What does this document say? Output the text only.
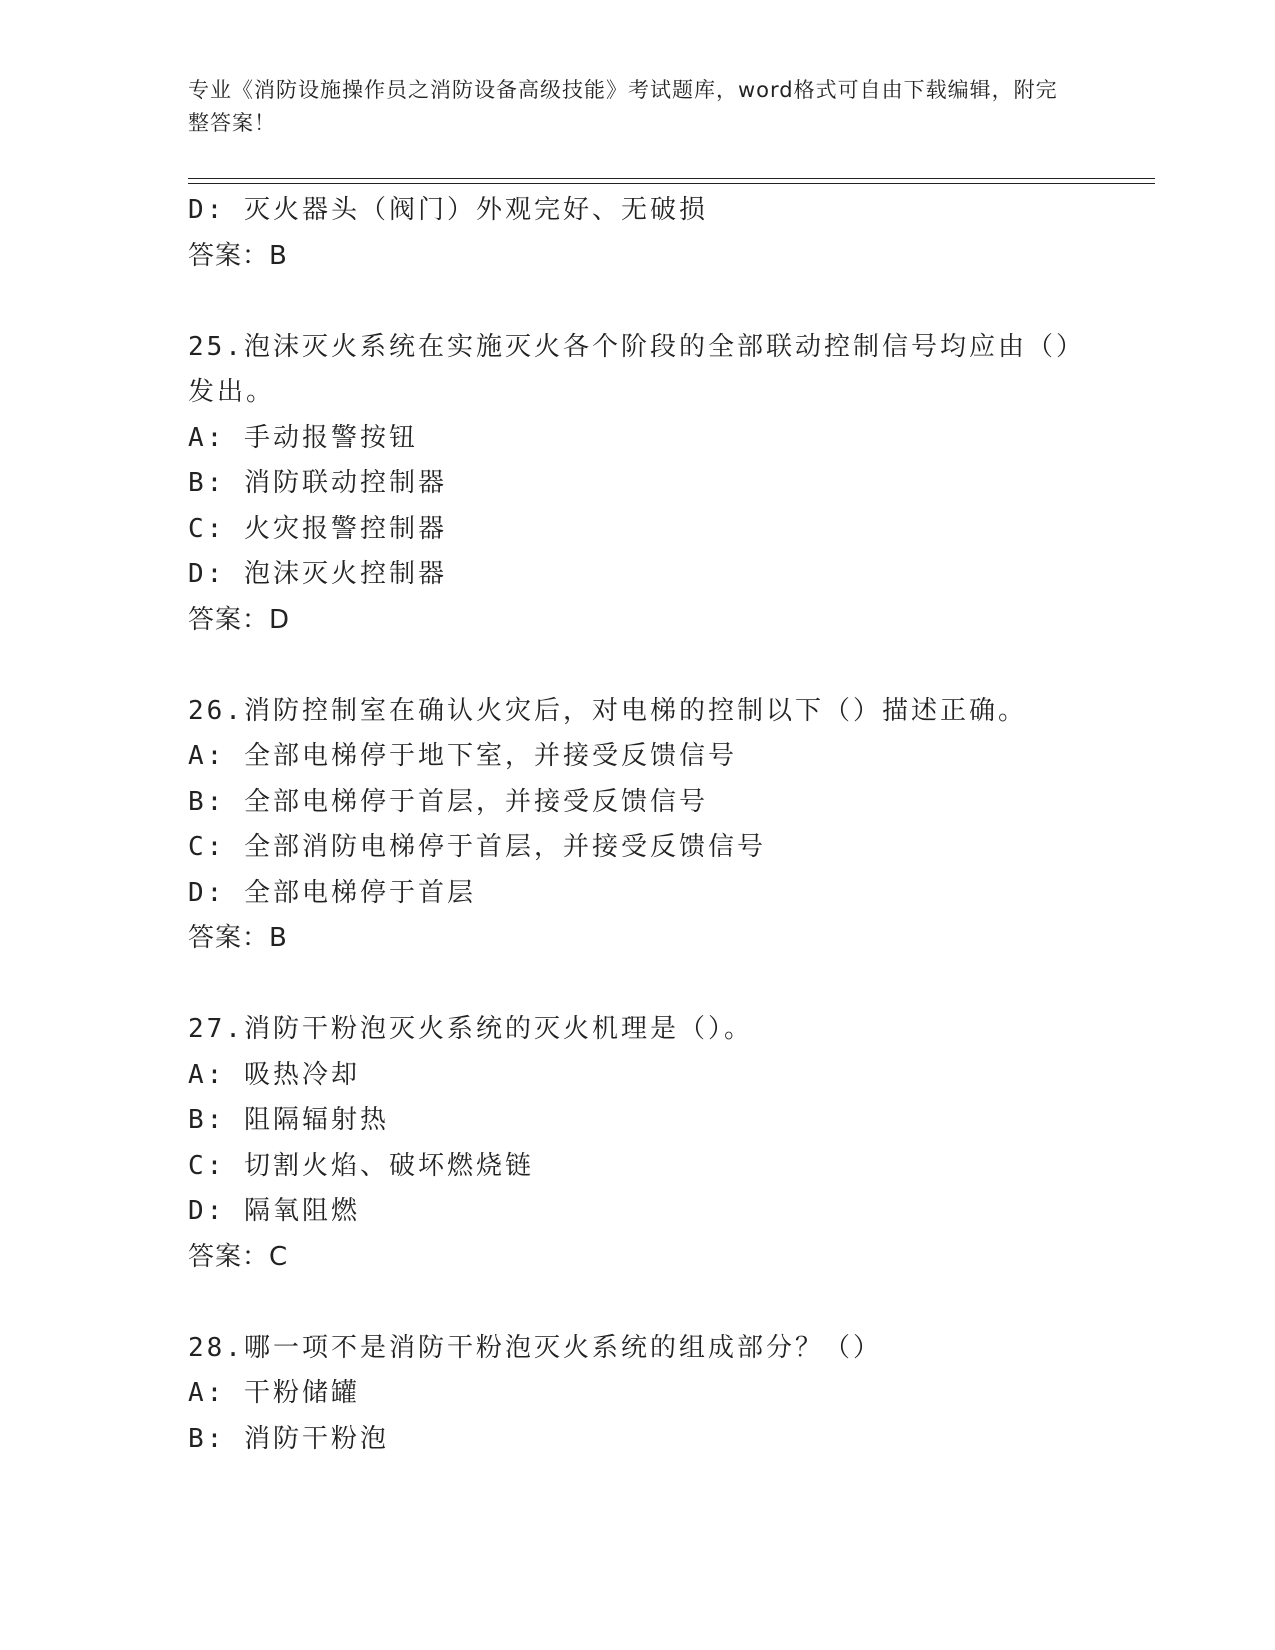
专业《消防设施操作员之消防设备高级技能》考试题库，word格式可自由下载编辑，附完整答案！
D: 灭火器头（阀门）外观完好、无破损
答案：B
25.泡沫灭火系统在实施灭火各个阶段的全部联动控制信号均应由（）
发出。
A: 手动报警按钮
B: 消防联动控制器
C: 火灾报警控制器
D: 泡沫灭火控制器
答案：D
26.消防控制室在确认火灾后，对电梯的控制以下（）描述正确。
A: 全部电梯停于地下室，并接受反馈信号
B: 全部电梯停于首层，并接受反馈信号
C: 全部消防电梯停于首层，并接受反馈信号
D: 全部电梯停于首层
答案：B
27.消防干粉泡灭火系统的灭火机理是（）。
A: 吸热冷却
B: 阻隔辐射热
C: 切割火焰、破坏燃烧链
D: 隔氧阻燃
答案：C
28.哪一项不是消防干粉泡灭火系统的组成部分？（）
A: 干粉储罐
B: 消防干粉泡
